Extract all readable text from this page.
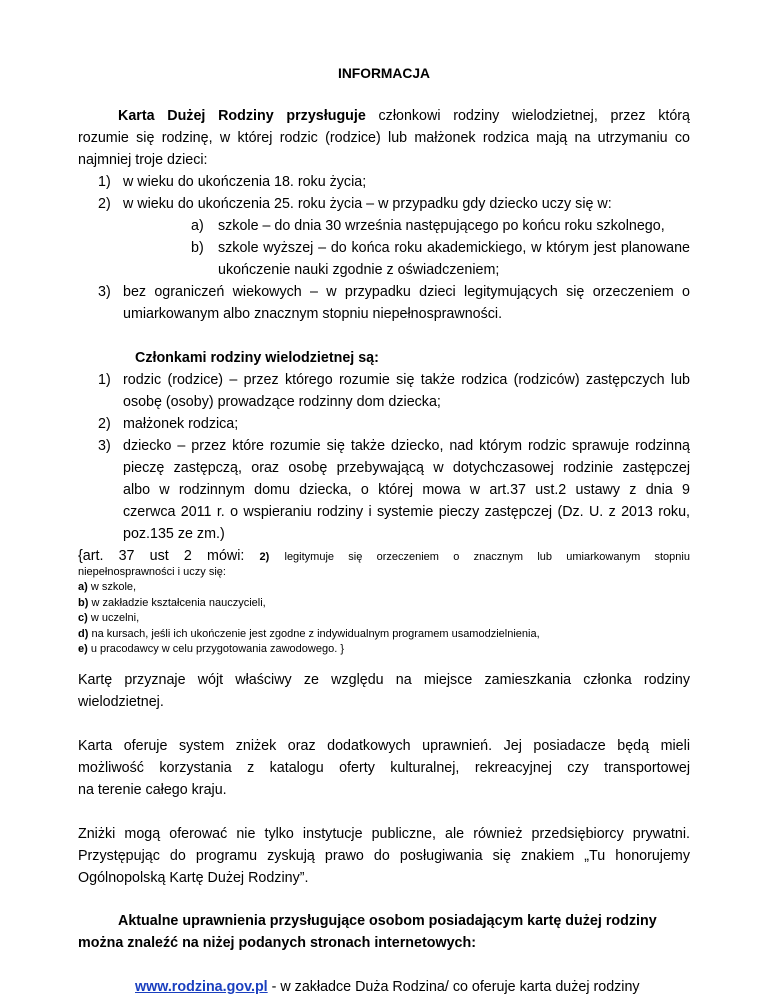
INFORMACJA

Karta Dużej Rodziny przysługuje członkowi rodziny wielodzietnej, przez którą

rozumie się rodzinę, w której rodzic (rodzice) lub małżonek rodzica mają na utrzymaniu co

najmniej troje dzieci:

1) w wieku do ukończenia 18. roku życia;

2) w wieku do ukończenia 25. roku życia – w przypadku gdy dziecko uczy się w:

a) szkole – do dnia 30 września następującego po końcu roku szkolnego,

b) szkole wyższej – do końca roku akademickiego, w którym jest planowane

ukończenie nauki zgodnie z oświadczeniem;

3) bez ograniczeń wiekowych – w przypadku dzieci legitymujących się orzeczeniem o

umiarkowanym albo znacznym stopniu niepełnosprawności.

Członkami rodziny wielodzietnej są:

1) rodzic (rodzice) – przez którego rozumie się także rodzica (rodziców) zastępczych lub

osobę (osoby) prowadzące rodzinny dom dziecka;

2) małżonek rodzica;

3) dziecko – przez które rozumie się także dziecko, nad którym rodzic sprawuje rodzinną

pieczę zastępczą, oraz osobę przebywającą w dotychczasowej rodzinie zastępczej

albo w rodzinnym domu dziecka, o której mowa w art.37 ust.2 ustawy z dnia 9

czerwca 2011 r. o wspieraniu rodziny i systemie pieczy zastępczej (Dz. U. z 2013 roku,

poz.135 ze zm.)

{art. 37 ust 2 mówi: 2) legitymuje się orzeczeniem o znacznym lub umiarkowanym stopniu

niepełnosprawności i uczy się:

a) w szkole,

b) w zakładzie kształcenia nauczycieli,

c) w uczelni,

d) na kursach, jeśli ich ukończenie jest zgodne z indywidualnym programem usamodzielnienia,

e) u pracodawcy w celu przygotowania zawodowego. }

Kartę przyznaje wójt właściwy ze względu na miejsce zamieszkania członka rodziny

wielodzietnej.

Karta oferuje system zniżek oraz dodatkowych uprawnień. Jej posiadacze będą mieli

możliwość korzystania z katalogu oferty kulturalnej, rekreacyjnej czy transportowej

na terenie całego kraju.

Zniżki mogą oferować nie tylko instytucje publiczne, ale również przedsiębiorcy prywatni.

Przystępując do programu zyskują prawo do posługiwania się znakiem „Tu honorujemy

Ogólnopolską Kartę Dużej Rodziny”.

Aktualne uprawnienia przysługujące osobom posiadającym kartę dużej rodziny

można znaleźć na niżej podanych stronach internetowych:

www.rodzina.gov.pl - w zakładce Duża Rodzina/ co oferuje karta dużej rodziny
